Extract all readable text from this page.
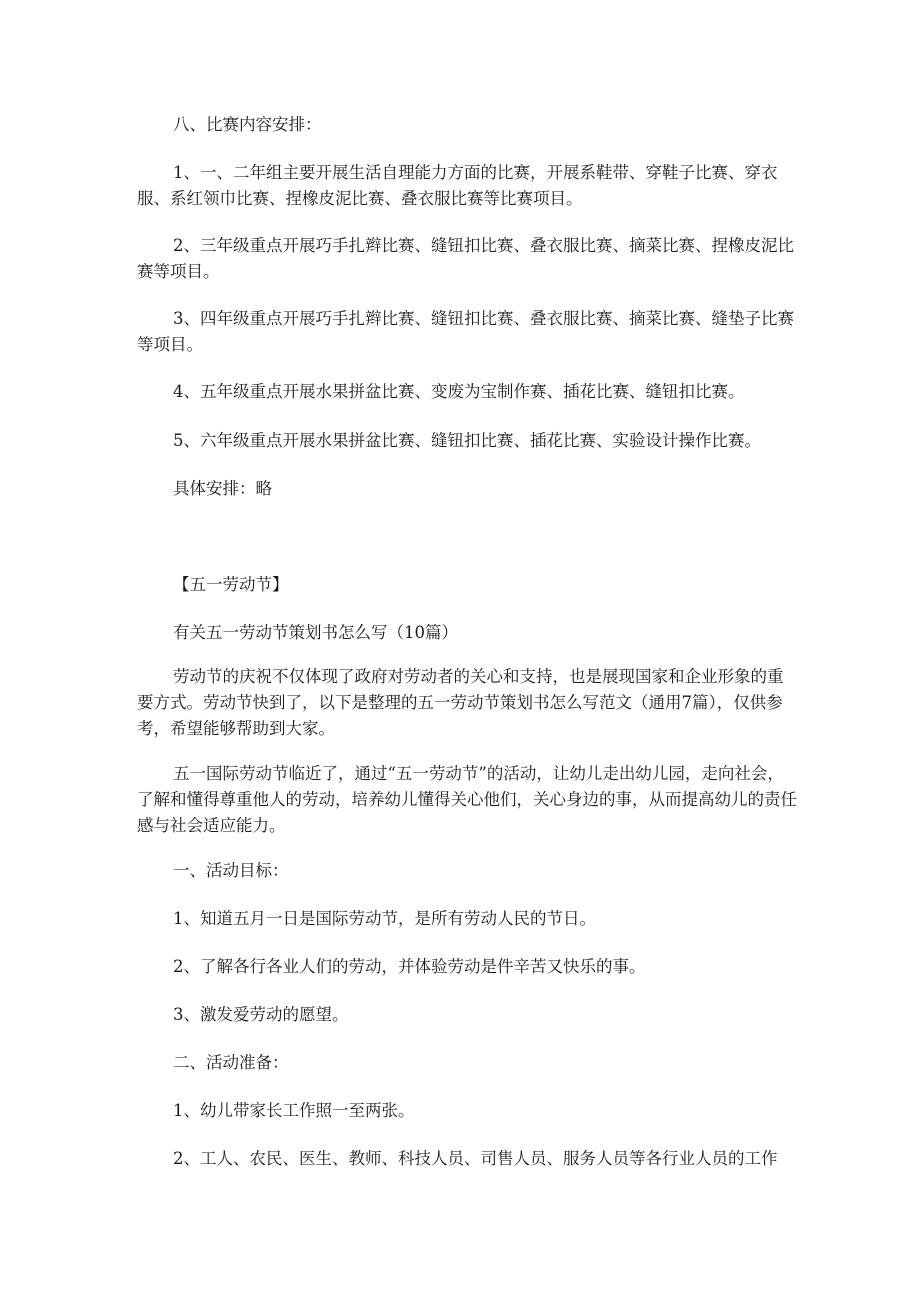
八、比赛内容安排：

1、一、二年组主要开展生活自理能力方面的比赛，开展系鞋带、穿鞋子比赛、穿衣服、系红领巾比赛、捏橡皮泥比赛、叠衣服比赛等比赛项目。

2、三年级重点开展巧手扎辫比赛、缝钮扣比赛、叠衣服比赛、摘菜比赛、捏橡皮泥比赛等项目。

3、四年级重点开展巧手扎辫比赛、缝钮扣比赛、叠衣服比赛、摘菜比赛、缝垫子比赛等项目。

4、五年级重点开展水果拼盆比赛、变废为宝制作赛、插花比赛、缝钮扣比赛。

5、六年级重点开展水果拼盆比赛、缝钮扣比赛、插花比赛、实验设计操作比赛。

具体安排：略

【五一劳动节】

有关五一劳动节策划书怎么写（10篇）

劳动节的庆祝不仅体现了政府对劳动者的关心和支持，也是展现国家和企业形象的重要方式。劳动节快到了，以下是整理的五一劳动节策划书怎么写范文（通用7篇），仅供参考，希望能够帮助到大家。

五一国际劳动节临近了，通过“五一劳动节”的活动，让幼儿走出幼儿园，走向社会，了解和懂得尊重他人的劳动，培养幼儿懂得关心他们，关心身边的事，从而提高幼儿的责任感与社会适应能力。

一、活动目标：

1、知道五月一日是国际劳动节，是所有劳动人民的节日。

2、了解各行各业人们的劳动，并体验劳动是件辛苦又快乐的事。

3、激发爱劳动的愿望。

二、活动准备：

1、幼儿带家长工作照一至两张。

2、工人、农民、医生、教师、科技人员、司售人员、服务人员等各行业人员的工作
